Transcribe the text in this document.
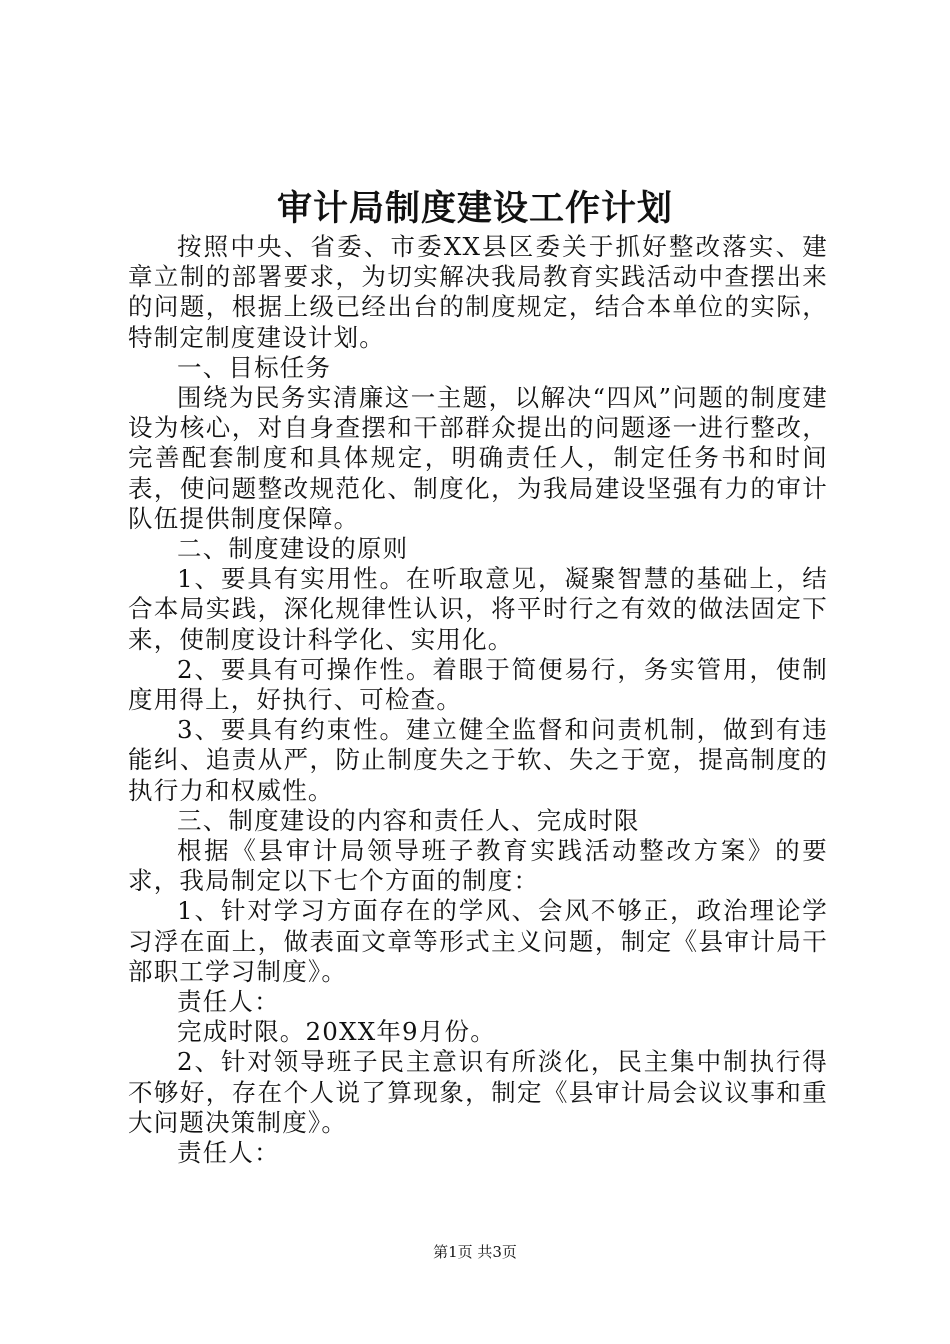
审计局制度建设工作计划

按照中央、省委、市委XX县区委关于抓好整改落实、建章立制的部署要求，为切实解决我局教育实践活动中查摆出来的问题，根据上级已经出台的制度规定，结合本单位的实际，特制定制度建设计划。

一、目标任务

围绕为民务实清廉这一主题，以解决“四风”问题的制度建设为核心，对自身查摆和干部群众提出的问题逐一进行整改，完善配套制度和具体规定，明确责任人，制定任务书和时间表，使问题整改规范化、制度化，为我局建设坚强有力的审计队伍提供制度保障。

二、制度建设的原则

1、要具有实用性。在听取意见，凝聚智慧的基础上，结合本局实践，深化规律性认识，将平时行之有效的做法固定下来，使制度设计科学化、实用化。

2、要具有可操作性。着眼于简便易行，务实管用，使制度用得上，好执行、可检查。

3、要具有约束性。建立健全监督和问责机制，做到有违能纠、追责从严，防止制度失之于软、失之于宽，提高制度的执行力和权威性。

三、制度建设的内容和责任人、完成时限

根据《县审计局领导班子教育实践活动整改方案》的要求，我局制定以下七个方面的制度：

1、针对学习方面存在的学风、会风不够正，政治理论学习浮在面上，做表面文章等形式主义问题，制定《县审计局干部职工学习制度》。

责任人：

完成时限。20XX年9月份。

2、针对领导班子民主意识有所淡化，民主集中制执行得不够好，存在个人说了算现象，制定《县审计局会议议事和重大问题决策制度》。

责任人：

第1页 共3页
